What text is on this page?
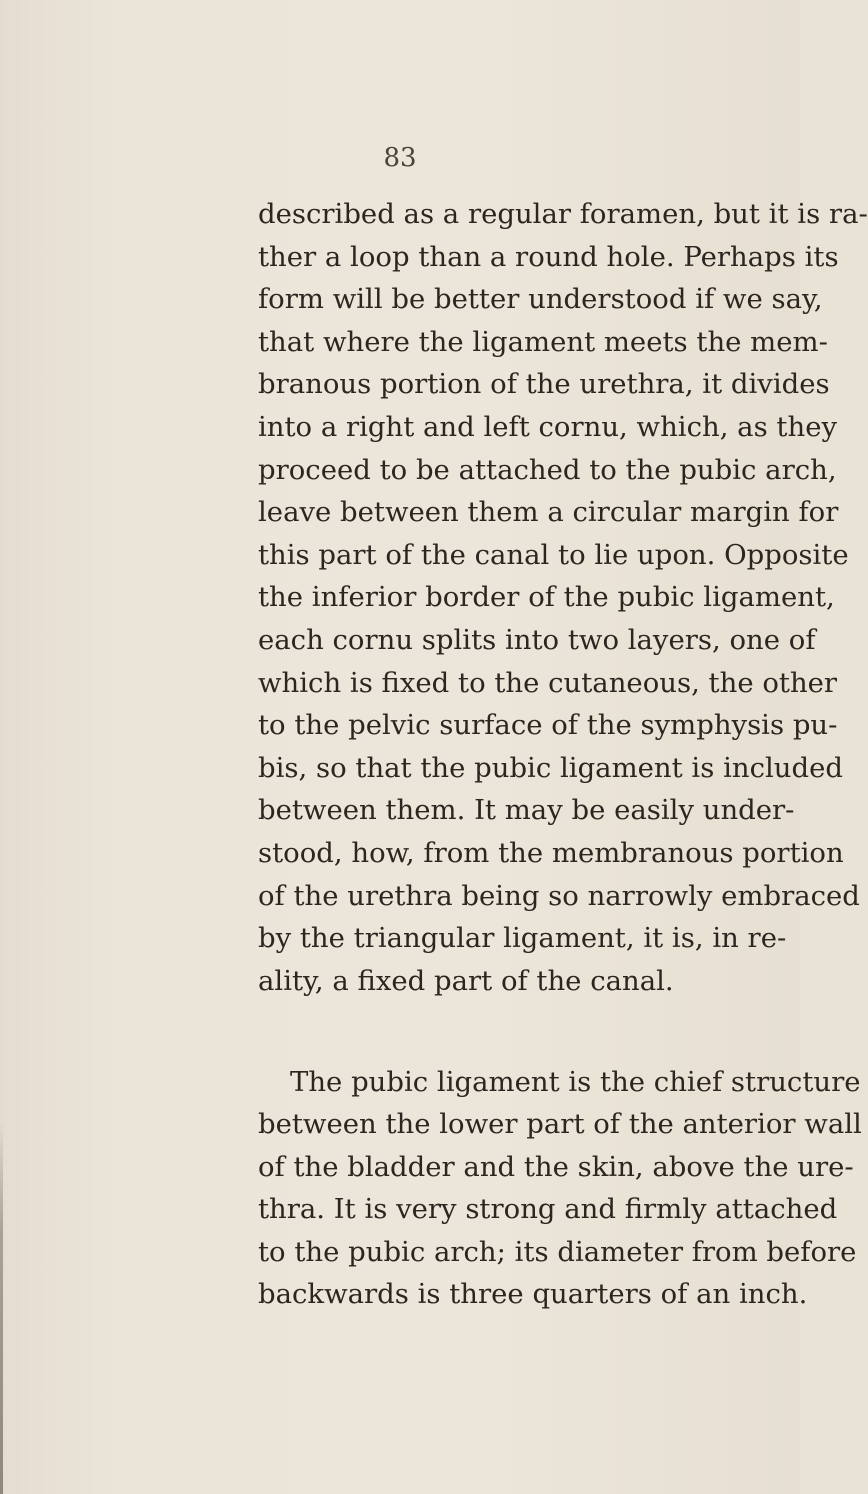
83
described as a regular foramen, but it is ra-
ther a loop than a round hole. Perhaps its
form will be better understood if we say,
that where the ligament meets the mem-
branous portion of the urethra, it divides
into a right and left cornu, which, as they
proceed to be attached to the pubic arch,
leave between them a circular margin for
this part of the canal to lie upon. Opposite
the inferior border of the pubic ligament,
each cornu splits into two layers, one of
which is fixed to the cutaneous, the other
to the pelvic surface of the symphysis pu-
bis, so that the pubic ligament is included
between them. It may be easily under-
stood, how, from the membranous portion
of the urethra being so narrowly embraced
by the triangular ligament, it is, in re-
ality, a fixed part of the canal.
The pubic ligament is the chief structure
between the lower part of the anterior wall
of the bladder and the skin, above the ure-
thra. It is very strong and firmly attached
to the pubic arch; its diameter from before
backwards is three quarters of an inch.
